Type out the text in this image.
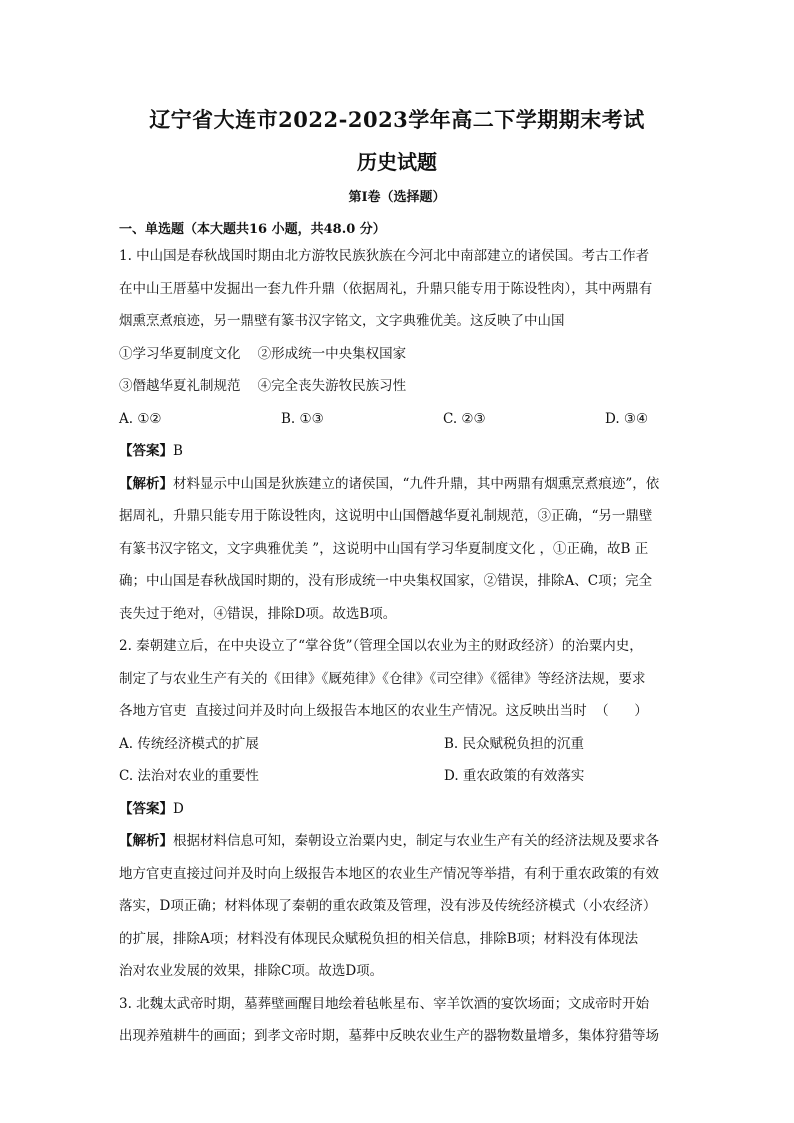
辽宁省大连市2022-2023学年高二下学期期末考试
历史试题
第I卷（选择题）
一、单选题（本大题共16 小题，共48.0 分）
1. 中山国是春秋战国时期由北方游牧民族狄族在今河北中南部建立的诸侯国。考古工作者
在中山王厝墓中发掘出一套九件升鼎（依据周礼，升鼎只能专用于陈设牲肉），其中两鼎有
烟熏烹煮痕迹，另一鼎壁有篆书汉字铭文，文字典雅优美。这反映了中山国
①学习华夏制度文化    ②形成统一中央集权国家
③僭越华夏礼制规范    ④完全丧失游牧民族习性
A. ①②	B. ①③	C. ②③	D. ③④
【答案】B
【解析】材料显示中山国是狄族建立的诸侯国，“九件升鼎，其中两鼎有烟熏烹煮痕迹”，依
据周礼，升鼎只能专用于陈设牲肉，这说明中山国僭越华夏礼制规范，③正确，“另一鼎壁
有篆书汉字铭文，文字典雅优美 ”，这说明中山国有学习华夏制度文化 ，①正确，故B 正
确；中山国是春秋战国时期的，没有形成统一中央集权国家，②错误，排除A、C项；完全
丧失过于绝对，④错误，排除D项。故选B项。
2. 秦朝建立后，在中央设立了“掌谷货”（管理全国以农业为主的财政经济）的治粟内史，
制定了与农业生产有关的《田律》《厩苑律》《仓律》《司空律》《徭律》等经济法规，要求
各地方官吏  直接过问并及时向上级报告本地区的农业生产情况。这反映出当时  （      ）
A. 传统经济模式的扩展	B. 民众赋税负担的沉重
C. 法治对农业的重要性	D. 重农政策的有效落实
【答案】D
【解析】根据材料信息可知，秦朝设立治粟内史，制定与农业生产有关的经济法规及要求各
地方官吏直接过问并及时向上级报告本地区的农业生产情况等举措，有利于重农政策的有效
落实，D项正确；材料体现了秦朝的重农政策及管理，没有涉及传统经济模式（小农经济）
的扩展，排除A项；材料没有体现民众赋税负担的相关信息，排除B项；材料没有体现法
治对农业发展的效果，排除C项。故选D项。
3. 北魏太武帝时期，墓葬壁画醒目地绘着毡帐星布、宰羊饮酒的宴饮场面；文成帝时开始
出现养殖耕牛的画面；到孝文帝时期，墓葬中反映农业生产的器物数量增多，集体狩猎等场
